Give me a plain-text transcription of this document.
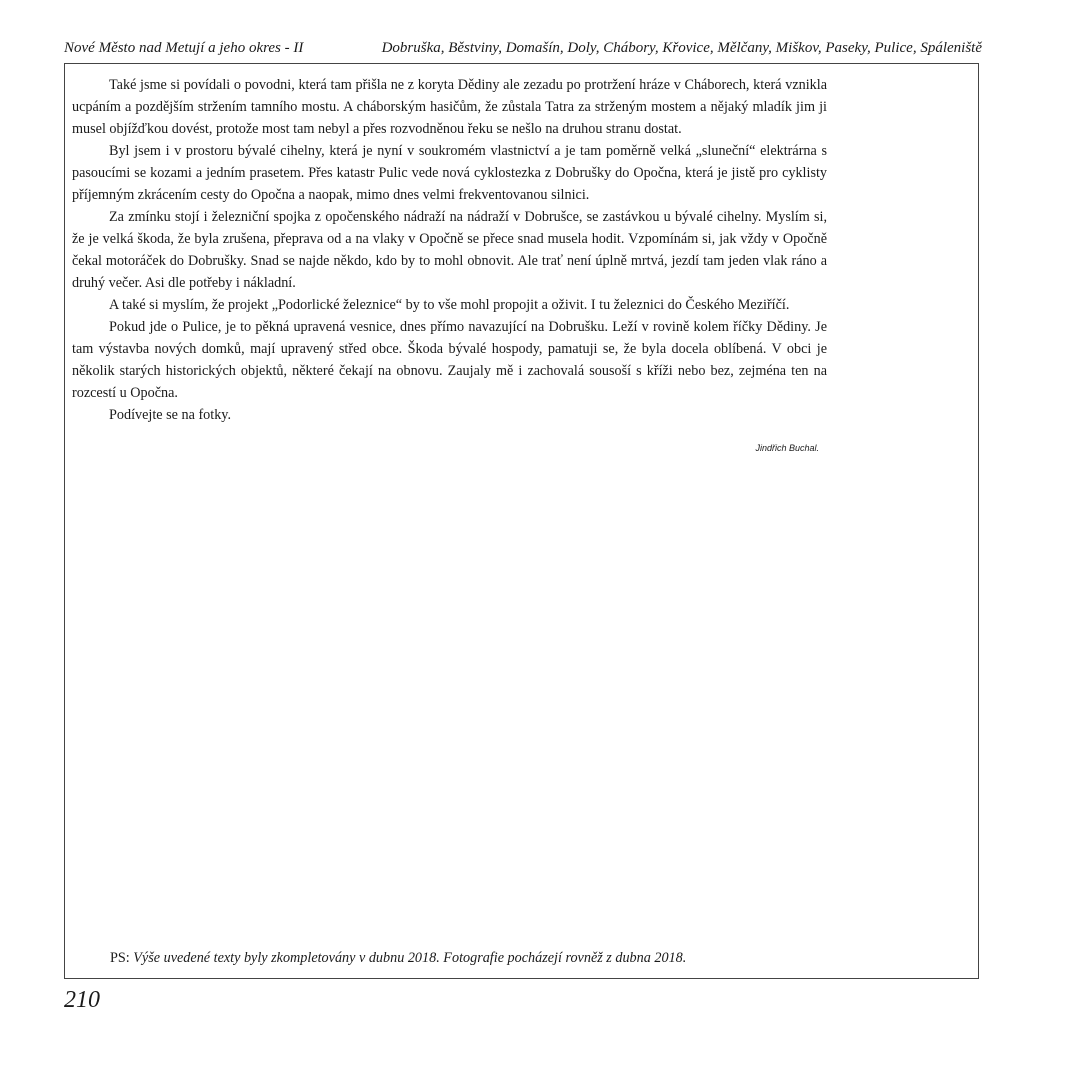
Nové Město nad Metují a jeho okres - II	Dobruška, Běstviny, Domašín, Doly, Chábory, Křovice, Mělčany, Miškov, Paseky, Pulice, Spáleniště

Také jsme si povídali o povodni, která tam přišla ne z koryta Dědiny ale zezadu po protržení hráze v Cháborech, která vznikla ucpáním a pozdějším stržením tamního mostu. A cháborským hasičům, že zůstala Tatra za strženým mostem a nějaký mladík jim ji musel objížďkou dovést, protože most tam nebyl a přes rozvodněnou řeku se nešlo na druhou stranu dostat.

Byl jsem i v prostoru bývalé cihelny, která je nyní v soukromém vlastnictví a je tam poměrně velká „sluneční“ elektrárna s pasoucími se kozami a jedním prasetem. Přes katastr Pulic vede nová cyklostezka z Dobrušky do Opočna, která je jistě pro cyklisty příjemným zkrácením cesty do Opočna a naopak, mimo dnes velmi frekventovanou silnici.

Za zmínku stojí i železniční spojka z opočenského nádraží na nádraží v Dobrušce, se zastávkou u bývalé cihelny. Myslím si, že je velká škoda, že byla zrušena, přeprava od a na vlaky v Opočně se přece snad musela hodit. Vzpomínám si, jak vždy v Opočně čekal motoráček do Dobrušky. Snad se najde někdo, kdo by to mohl obnovit. Ale trať není úplně mrtvá, jezdí tam jeden vlak ráno a druhý večer. Asi dle potřeby i nákladní.

A také si myslím, že projekt „Podorlické železnice“ by to vše mohl propojit a oživit. I tu železnici do Českého Meziříčí.

Pokud jde o Pulice, je to pěkná upravená vesnice, dnes přímo navazující na Dobrušku. Leží v rovině kolem říčky Dědiny. Je tam výstavba nových domků, mají upravený střed obce. Škoda bývalé hospody, pamatuji se, že byla docela oblíbená. V obci je několik starých historických objektů, některé čekají na obnovu. Zaujaly mě i zachovalá sousoší s kříži nebo bez, zejména ten na rozcestí u Opočna.

Podívejte se na fotky.

Jindřich Buchal.
PS: Výše uvedené texty byly zkompletovány v dubnu 2018. Fotografie pocházejí rovněž z dubna 2018.
210
